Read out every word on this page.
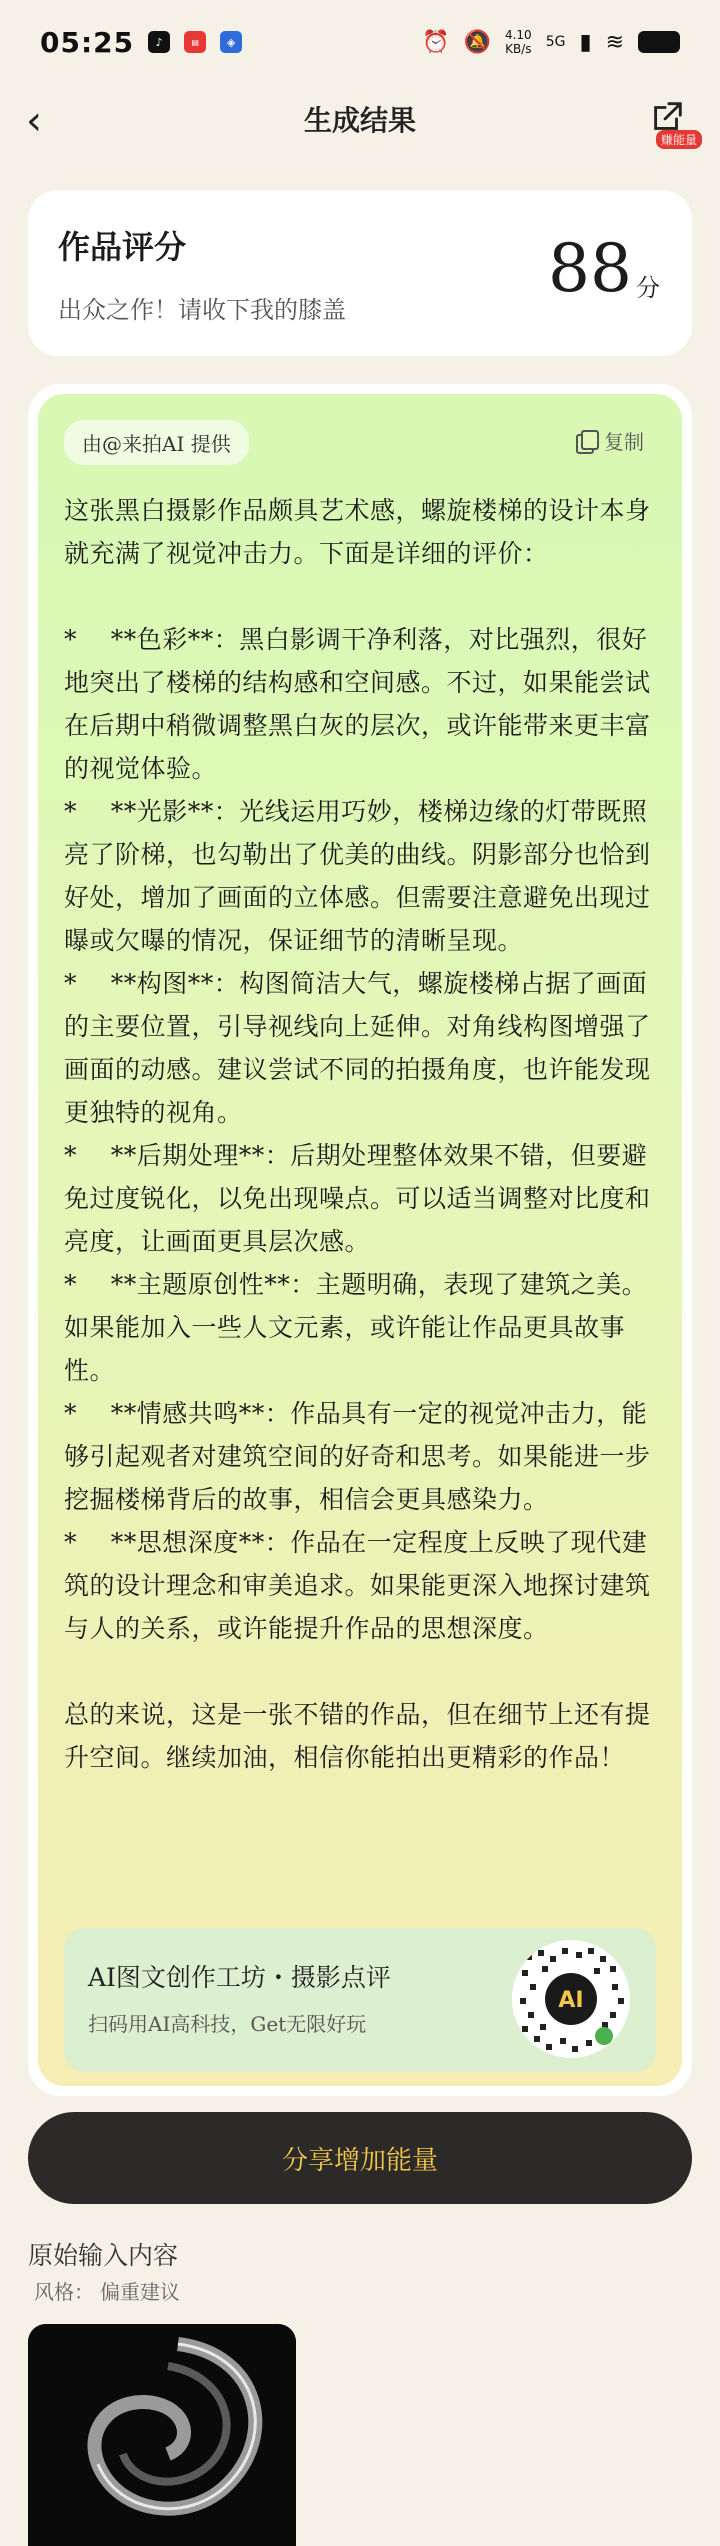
05:25	♪	▤	◈	⏰ 🔕 4.10
KB/s 5G ▮ ≋
‹	生成结果
赚能量
作品评分
出众之作！请收下我的膝盖
88 分
由@来拍AI 提供	复制
这张黑白摄影作品颇具艺术感，螺旋楼梯的设计本身就充满了视觉冲击力。下面是详细的评价：

*    **色彩**：黑白影调干净利落，对比强烈，很好地突出了楼梯的结构感和空间感。不过，如果能尝试在后期中稍微调整黑白灰的层次，或许能带来更丰富的视觉体验。
*    **光影**：光线运用巧妙，楼梯边缘的灯带既照亮了阶梯，也勾勒出了优美的曲线。阴影部分也恰到好处，增加了画面的立体感。但需要注意避免出现过曝或欠曝的情况，保证细节的清晰呈现。
*    **构图**：构图简洁大气，螺旋楼梯占据了画面的主要位置，引导视线向上延伸。对角线构图增强了画面的动感。建议尝试不同的拍摄角度，也许能发现更独特的视角。
*    **后期处理**：后期处理整体效果不错，但要避免过度锐化，以免出现噪点。可以适当调整对比度和亮度，让画面更具层次感。
*    **主题原创性**：主题明确，表现了建筑之美。如果能加入一些人文元素，或许能让作品更具故事性。
*    **情感共鸣**：作品具有一定的视觉冲击力，能够引起观者对建筑空间的好奇和思考。如果能进一步挖掘楼梯背后的故事，相信会更具感染力。
*    **思想深度**：作品在一定程度上反映了现代建筑的设计理念和审美追求。如果能更深入地探讨建筑与人的关系，或许能提升作品的思想深度。

总的来说，这是一张不错的作品，但在细节上还有提升空间。继续加油，相信你能拍出更精彩的作品！
AI图文创作工坊・摄影点评
扫码用AI高科技，Get无限好玩
AI
分享增加能量
原始输入内容
风格： 偏重建议
